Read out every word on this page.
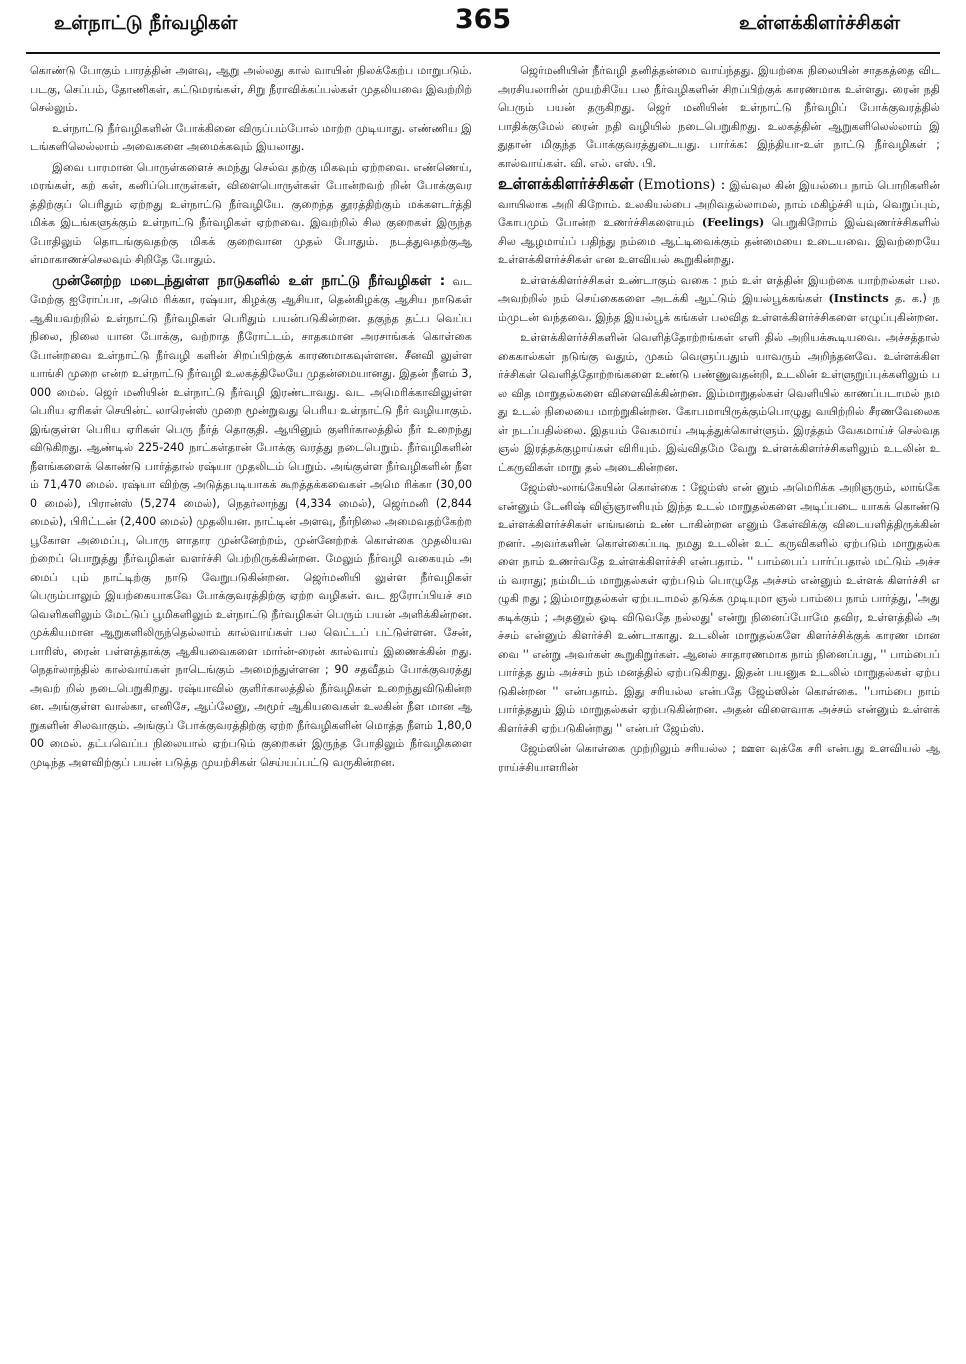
உள்நாட்டு நீர்வழிகள்	365	உள்ளக்கிளர்ச்சிகள்

கொண்டு போகும் பாரத்தின் அளவு, ஆறு அல்லது கால் வாயின் நிலக்கேற்ப மாறுபடும். படகு, செப்பம், தோணிகள், கட்டுமரங்கள், சிறு நீராவிக்கப்பல்கள் முதலியவை இவற்றிற் செல்லும்.

உள்நாட்டு நீர்வழிகளின் போக்கினை விருப்பம்போல் மாற்ற முடியாது. எண்ணிய இடங்களிலெல்லாம் அவைகளை அமைக்கவும் இயலாது.

இவை பாரமான பொருள்களைச் சுமந்து செல்வ தற்கு மிகவும் ஏற்றவை. எண்ணெய், மரங்கள், கற் கள், கனிப்பொருள்கள், விளைபொருள்கள் போன்றவற் றின் போக்குவரத்திற்குப் பெரிதும் ஏற்றது உள்நாட்டு நீர்வழியே. குறைந்த தூரத்திற்கும் மக்களடர்த்தி மிக்க இடங்களுக்கும் உள்நாட்டு நீர்வழிகள் ஏற்றவை. இவற்றில் சில குறைகள் இருந்தபோதிலும் தொடங்குவதற்கு மிகக் குறைவான முதல் போதும். நடத்துவதற்குஆள்மாகாணச்செலவும் சிறிதே போதும்.

முன்னேற்ற மடைந்துள்ள நாடுகளில் உள் நாட்டு நீர்வழிகள் : வடமேற்கு ஐரோப்பா, அமெ ரிக்கா, ரஷ்யா, கிழக்கு ஆசியா, தென்கிழக்கு ஆசிய நாடுகள் ஆகியவற்றில் உள்நாட்டு நீர்வழிகள் பெரிதும் பயன்படுகின்றன. தகுந்த தட்ப வெப்பநிலை, நிலை யான போக்கு, வற்றாத நீரோட்டம், சாதகமான அரசாங்கக் கொள்கை போன்றவை உள்நாட்டு நீர்வழி களின் சிறப்பிற்குக் காரணமாகவுள்ளன. சீனவி லுள்ள யாங்சி முறை என்ற உள்நாட்டு நீர்வழி உலகத்திலேயே முதன்மையானது. இதன் நீளம் 3,000 மைல். ஜெர் மனியின் உள்நாட்டு நீர்வழி இரண்டாவது. வட அமெரிக்காவிலுள்ள பெரிய ஏரிகள் செயின்ட் லாரென்ஸ் முறை மூன்றுவது பெரிய உள்நாட்டு நீர் வழியாகும். இங்குள்ள பெரிய ஏரிகள் பெரு நீர்த் தொகுதி. ஆயினும் குளிர்காலத்தில் நீர் உறைந்து விடுகிறது. ஆண்டில் 225-240 நாட்கள்தான் போக்கு வரத்து நடைபெறும். நீர்வழிகளின் நீளங்களைக் கொண்டு பார்த்தால் ரஷ்யா முதலிடம் பெறும். அங்குள்ள நீர்வழிகளின் நீளம் 71,470 மைல். ரஷ்யா விற்கு அடுத்தபடியாகக் கூறத்தக்கவைகள் அமெ ரிக்கா (30,000 மைல்), பிரான்ஸ் (5,274 மைல்), நெதர்லாந்து (4,334 மைல்), ஜெர்மனி (2,844 மைல்), பிரிட்டன் (2,400 மைல்) முதலியன. நாட்டின் அளவு, நீர்நிலை அமைவதற்கேற்ற பூகோள அமைப்பு, பொரு ளாதார முன்னேற்றம், முன்னேற்றக் கொள்கை முதலியவற்றைப் பொறுத்து நீர்வழிகள் வளர்ச்சி பெற்றிருக்கின்றன. மேலும் நீர்வழி வகையும் அமைப் பும் நாட்டிற்கு நாடு வேறுபடுகின்றன. ஜெர்மனியி லுள்ள நீர்வழிகள் பெரும்பாலும் இயற்கையாகவே போக்குவரத்திற்கு ஏற்ற வழிகள். வட ஐரோப்பியச் சமவெளிகளிலும் மேட்டுப் பூமிகளிலும் உள்நாட்டு நீர்வழிகள் பெரும் பயன் அளிக்கின்றன. முக்கியமான ஆறுகளிலிருந்தெல்லாம் கால்வாய்கள் பல வெட்டப் பட்டுள்ளன. சேன், பாரிஸ், ரைன் பள்ளத்தாக்கு ஆகியவைகளை மார்ன்-ரைன் கால்வாய் இணைக்கின் றது. நெதர்லாந்தில் கால்வாய்கள் நாடெங்கும் அமைந்துள்ளன ; 90 சதவீதம் போக்குவரத்து அவற் றில் நடைபெறுகிறது. ரஷ்யாவில் குளிர்காலத்தில் நீர்வழிகள் உறைந்துவிடுகின்றன. அங்குள்ள வால்கா, எனிசே, ஆப்லேனு, அமூர் ஆகியவைகள் உலகின் நீள மான ஆறுகளின் சிலவாகும். அங்குப் போக்குவரத்திற்கு ஏற்ற நீர்வழிகளின் மொத்த நீளம் 1,80,000 மைல். தட்பவெப்ப நிலையால் ஏற்படும் குறைகள் இருந்த போதிலும் நீர்வழிகளை முடிந்த அளவிற்குப் பயன் படுத்த முயற்சிகள் செய்யப்பட்டு வருகின்றன.

ஜெர்மனியின் நீர்வழி தனித்தன்மை வாய்ந்தது. இயற்கை நிலையின் சாதகத்தை விட அரசியலாரின் முயற்சியே பல நீர்வழிகளின் சிறப்பிற்குக் காரணமாக உள்ளது. ரைன் நதி பெரும் பயன் தருகிறது. ஜெர் மனியின் உள்நாட்டு நீர்வழிப் போக்குவரத்தில் பாதிக்குமேல் ரைன் நதி வழியில் நடைபெறுகிறது. உலகத்தின் ஆறுகளிலெல்லாம் இதுதான் மிகுந்த போக்குவரத்துடையது. பார்க்க: இந்தியா-உள் நாட்டு நீர்வழிகள் ; கால்வாய்கள். வி. எல். எஸ். பி.

உள்ளக்கிளர்ச்சிகள் (Emotions) : இவ்வுல கின் இயல்பை நாம் பொறிகளின் வாயிலாக அறி கிறோம். உலகியல்பை அறிவதல்லாமல், நாம் மகிழ்ச்சி யும், வெறுப்பும், கோபமும் போன்ற உணர்ச்சிகளையும் (Feelings) பெறுகிறோம் இவ்வுணர்ச்சிகளில் சில ஆழமாய்ப் பதிந்து நம்மை ஆட்டிவைக்கும் தன்மையை உடையவை. இவற்றையே உள்ளக்கிளர்ச்சிகள் என உளவியல் கூறுகின்றது.

உள்ளக்கிளர்ச்சிகள் உண்டாகும் வகை : நம் உள் ளத்தின் இயற்கை யாற்றல்கள் பல. அவற்றில் நம் செய்கைகளை அடக்கி ஆட்டும் இயல்பூக்கங்கள் (Instincts த. க.) நம்முடன் வந்தவை. இந்த இயல்பூக் கங்கள் பலவித உள்ளக்கிளர்ச்சிகளை எழுப்புகின்றன.

உள்ளக்கிளர்ச்சிகளின் வெளித்தோற்றங்கள் எளி தில் அறியக்கூடியவை. அச்சத்தால் கைகால்கள் நடுங்கு வதும், முகம் வெளுப்பதும் யாவரும் அறிந்தனவே. உள்ளக்கிளர்ச்சிகள் வெளித்தோற்றங்களை உண்டு பண்ணுவதன்றி, உடலின் உள்ளுறுப்புக்களிலும் பல வித மாறுதல்களை விளைவிக்கின்றன. இம்மாறுதல்கள் வெளியில் காணப்படாமல் நமது உடல் நிலையை மாற்றுகின்றன. கோபமாயிருக்கும்பொழுது வயிற்றில் சீரணவேலைகள் நடப்பதில்லை. இதயம் வேகமாய் அடித்துக்கொள்ளும். இரத்தம் வேகமாய்ச் செல்வத ஞல் இரத்தக்குழாய்கள் விரியும். இவ்விதமே வேறு உள்ளக்கிளர்ச்சிகளிலும் உடலின் உட்கருவிகள் மாறு தல் அடைகின்றன.

ஜேம்ஸ்-லாங்கேயின் கொள்கை : ஜேம்ஸ் என் னும் அமெரிக்க அறிஞரும், லாங்கே என்னும் டேனிஷ் விஞ்ஞானியும் இந்த உடல் மாறுதல்களை அடிப்படை யாகக் கொண்டு உள்ளக்கிளர்ச்சிகள் எங்ஙனம் உண் டாகின்றன எனும் கேள்விக்கு விடையளித்திருக்கின் றனர். அவர்களின் கொள்கைப்படி நமது உடலின் உட் கருவிகளில் ஏற்படும் மாறுதல்களை நாம் உணர்வதே உள்ளக்கிளர்ச்சி என்பதாம். '' பாம்பைப் பார்ப்பதால் மட்டும் அச்சம் வராது; நம்மிடம் மாறுதல்கள் ஏற்படும் பொழுதே அச்சம் என்னும் உள்ளக் கிளர்ச்சி எழுகி றது ; இம்மாறுதல்கள் ஏற்படாமல் தடுக்க முடியுமா ஞல் பாம்பை நாம் பார்த்து, 'அது கடிக்கும் ; அதனுல் ஓடி விடுவதே நல்லது' என்று நினைப்போமே தவிர, உள்ளத்தில் அச்சம் என்னும் கிளர்ச்சி உண்டாகாது. உடலின் மாறுதல்களே கிளர்ச்சிக்குக் காரண மானவை '' என்று அவர்கள் கூறுகிறுர்கள். ஆனல் சாதாரணமாக நாம் நினைப்பது, '' பாம்பைப் பார்த்த தும் அச்சம் நம் மனத்தில் ஏற்படுகிறது. இதன் பயனுக உடலில் மாறுதல்கள் ஏற்படுகின்றன '' என்பதாம். இது சரியல்ல என்பதே ஜேம்ஸின் கொள்கை. ''பாம்பை நாம் பார்த்ததும் இம் மாறுதல்கள் ஏற்படுகின்றன. அதன் விளைவாக அச்சம் என்னும் உள்ளக் கிளர்ச்சி ஏற்படுகின்றது '' என்பர் ஜேம்ஸ்.

ஜேம்ஸின் கொள்கை முற்றிலும் சரியல்ல ; ஊள வுக்கே சரி என்பது உளவியல் ஆராய்ச்சியாளரின்
